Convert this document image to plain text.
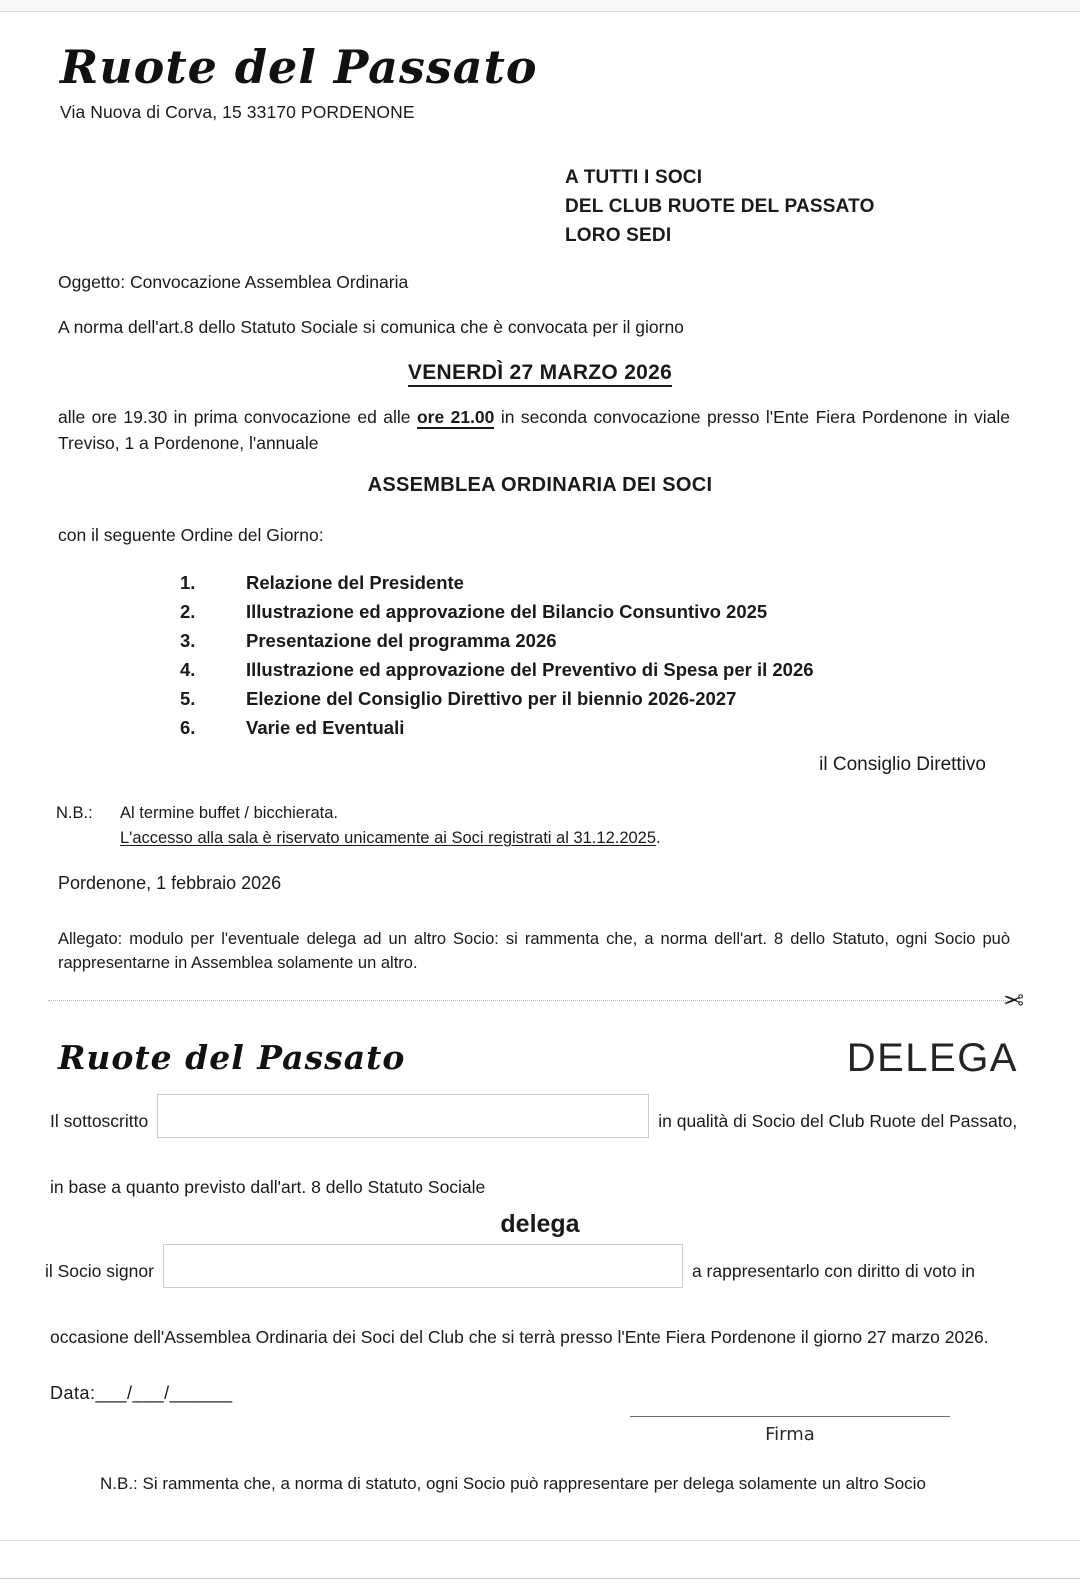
Ruote del Passato
Via Nuova di Corva, 15 33170 PORDENONE
A TUTTI I SOCI
DEL CLUB RUOTE DEL PASSATO
LORO SEDI
Oggetto: Convocazione Assemblea Ordinaria
A norma dell'art.8 dello Statuto Sociale si comunica che è convocata per il giorno
VENERDÌ 27 MARZO 2026
alle ore 19.30 in prima convocazione ed alle ore 21.00 in seconda convocazione presso l'Ente Fiera Pordenone in viale Treviso, 1 a Pordenone, l'annuale
ASSEMBLEA ORDINARIA DEI SOCI
con il seguente Ordine del Giorno:
1.	Relazione del Presidente
2.	Illustrazione ed approvazione del Bilancio Consuntivo 2025
3.	Presentazione del programma 2026
4.	Illustrazione ed approvazione del Preventivo di Spesa per il 2026
5.	Elezione del Consiglio Direttivo per il biennio 2026-2027
6.	Varie ed Eventuali
il Consiglio Direttivo
N.B.:	Al termine buffet / bicchierata.
L'accesso alla sala è riservato unicamente ai Soci registrati al 31.12.2025.
Pordenone, 1 febbraio 2026
Allegato: modulo per l'eventuale delega ad un altro Socio: si rammenta che, a norma dell'art. 8 dello Statuto, ogni Socio può rappresentarne in Assemblea solamente un altro.
✂
Ruote del Passato	DELEGA
Il sottoscritto	in qualità di Socio del Club Ruote del Passato,
in base a quanto previsto dall'art. 8 dello Statuto Sociale
delega
il Socio signor	a rappresentarlo con diritto di voto in
occasione dell'Assemblea Ordinaria dei Soci del Club che si terrà presso l'Ente Fiera Pordenone il giorno 27 marzo 2026.
Data:___/___/______
Firma
N.B.: Si rammenta che, a norma di statuto, ogni Socio può rappresentare per delega solamente un altro Socio
